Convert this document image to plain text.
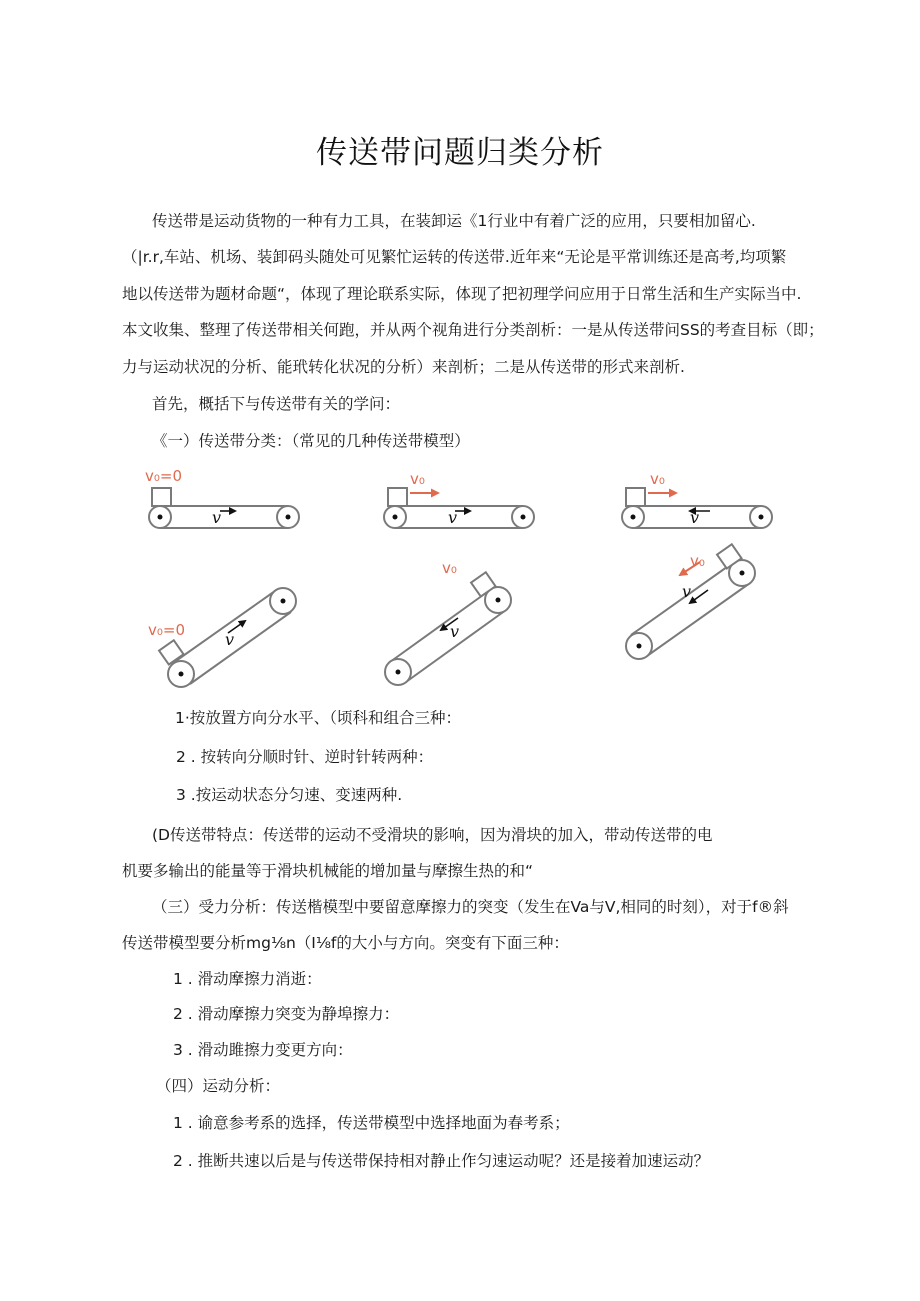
传送带问题归类分析
传送带是运动货物的一种有力工具，在装卸运《1行业中有着广泛的应用，只要相加留心.
（|r.r,车站、机场、装卸码头随处可见繁忙运转的传送带.近年来“无论是平常训练还是高考,均项繁
地以传送带为题材命题“，体现了理论联系实际，体现了把初理学问应用于日常生活和生产实际当中.
本文收集、整理了传送带相关何跑，并从两个视角进行分类剖析：一是从传送带问SS的考查目标（即；
力与运动状况的分析、能玳转化状况的分析）来剖析；二是从传送带的形式来剖析.
首先，概括下与传送带有关的学问：
《一）传送带分类：（常见的几种传送带模型）
v₀=0
v
v₀
v
v₀
v
v₀=0 v
v₀
v
v₀
v
1·按放置方向分水平、（顷科和组合三种：
2 . 按转向分顺时针、逆时针转两种：
3 .按运动状态分匀速、变速两种.
(D传送带特点：传送带的运动不受滑块的影响，因为滑块的加入，带动传送带的电
机要多输出的能量等于滑块机械能的增加量与摩擦生热的和“
（三）受力分析：传送楷模型中要留意摩擦力的突变（发生在Va与V,相同的时刻），对于f®斜
传送带模型要分析mg⅛n（I⅛f的大小与方向。突变有下面三种：
1 . 滑动摩擦力消逝：
2 . 滑动摩擦力突变为静埠擦力：
3 . 滑动雎擦力变更方向：
（四）运动分析：
1 . 谕意参考系的选择，传送带模型中选择地面为春考系；
2 . 推断共速以后是与传送带保持相对静止作匀速运动呢？还是接着加速运动？
